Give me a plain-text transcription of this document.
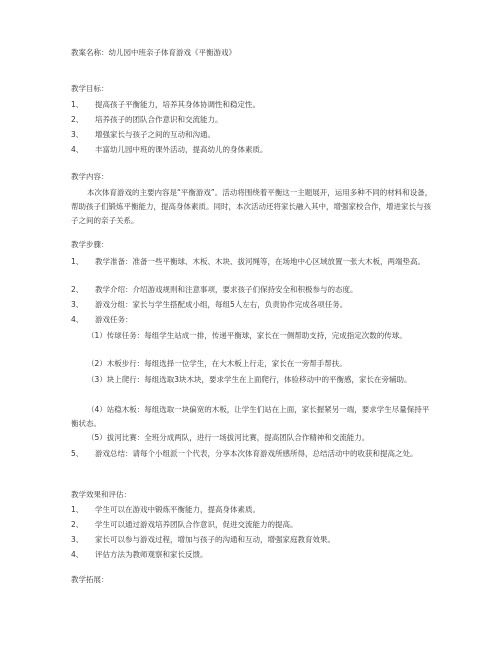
教案名称：幼儿园中班亲子体育游戏《平衡游戏》
教学目标：
1、 提高孩子平衡能力，培养其身体协调性和稳定性。
2、 培养孩子的团队合作意识和交流能力。
3、 增强家长与孩子之间的互动和沟通。
4、 丰富幼儿园中班的课外活动，提高幼儿的身体素质。
教学内容：
本次体育游戏的主要内容是“平衡游戏”。活动将围绕着平衡这一主题展开，运用多种不同的材料和设备，帮助孩子们锻炼平衡能力，提高身体素质。同时，本次活动还将家长融入其中，增强家校合作，增进家长与孩子之间的亲子关系。
教学步骤：
1、 教学准备：准备一些平衡球、木板、木块、拔河绳等，在场地中心区域放置一张大木板，两端垫高。
2、 教学介绍：介绍游戏规则和注意事项，要求孩子们保持安全和积极参与的态度。
3、 游戏分组：家长与学生搭配成小组，每组5人左右，负责协作完成各项任务。
4、 游戏任务：
（1）传球任务：每组学生站成一排，传递平衡球，家长在一侧帮助支持，完成指定次数的传球。
（2）木板步行：每组选择一位学生，在大木板上行走，家长在一旁帮手帮扶。
（3）块上爬行：每组选取3块木块，要求学生在上面爬行，体验移动中的平衡感，家长在旁辅助。
（4）站稳木板：每组选取一块偏宽的木板，让学生们站在上面，家长握紧另一端，要求学生尽量保持平衡状态。
（5）拔河比赛：全班分成两队，进行一场拔河比赛，提高团队合作精神和交流能力。
5、 游戏总结：请每个小组派一个代表，分享本次体育游戏所感所得，总结活动中的收获和提高之处。
教学效果和评估：
1、 学生可以在游戏中锻炼平衡能力，提高身体素质。
2、 学生可以通过游戏培养团队合作意识，促进交流能力的提高。
3、 家长可以参与游戏过程，增加与孩子的沟通和互动，增强家庭教育效果。
4、 评估方法为教师观察和家长反馈。
教学拓展：
